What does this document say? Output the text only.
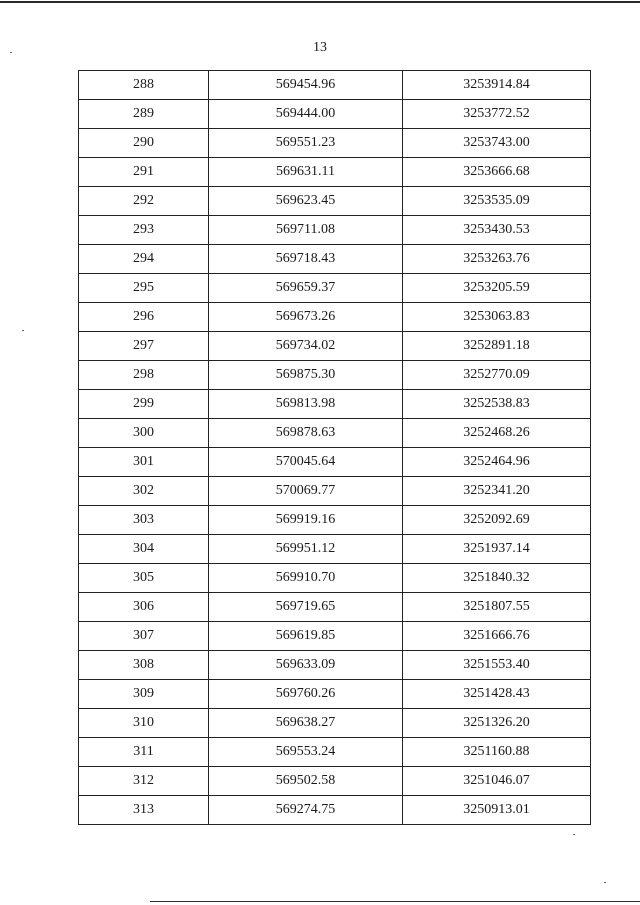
13
288	569454.96	3253914.84
289	569444.00	3253772.52
290	569551.23	3253743.00
291	569631.11	3253666.68
292	569623.45	3253535.09
293	569711.08	3253430.53
294	569718.43	3253263.76
295	569659.37	3253205.59
296	569673.26	3253063.83
297	569734.02	3252891.18
298	569875.30	3252770.09
299	569813.98	3252538.83
300	569878.63	3252468.26
301	570045.64	3252464.96
302	570069.77	3252341.20
303	569919.16	3252092.69
304	569951.12	3251937.14
305	569910.70	3251840.32
306	569719.65	3251807.55
307	569619.85	3251666.76
308	569633.09	3251553.40
309	569760.26	3251428.43
310	569638.27	3251326.20
311	569553.24	3251160.88
312	569502.58	3251046.07
313	569274.75	3250913.01
